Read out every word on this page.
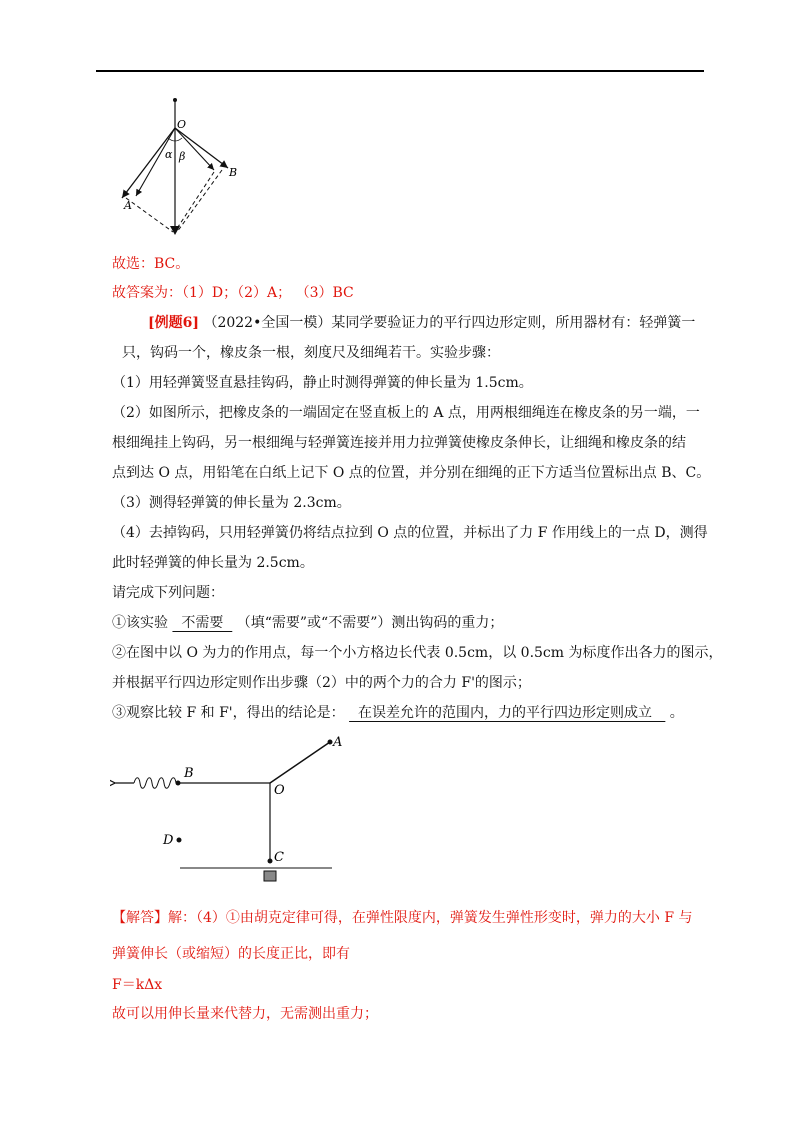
O
α β
A
B
故选：BC。
故答案为：（1）D；（2）A； （3）BC
[例题6] （2022•全国一模）某同学要验证力的平行四边形定则，所用器材有：轻弹簧一
只，钩码一个，橡皮条一根，刻度尺及细绳若干。实验步骤：
（1）用轻弹簧竖直悬挂钩码，静止时测得弹簧的伸长量为 1.5cm。
（2）如图所示，把橡皮条的一端固定在竖直板上的 A 点，用两根细绳连在橡皮条的另一端，一
根细绳挂上钩码，另一根细绳与轻弹簧连接并用力拉弹簧使橡皮条伸长，让细绳和橡皮条的结
点到达 O 点，用铅笔在白纸上记下 O 点的位置，并分别在细绳的正下方适当位置标出点 B、C。
（3）测得轻弹簧的伸长量为 2.3cm。
（4）去掉钩码，只用轻弹簧仍将结点拉到 O 点的位置，并标出了力 F 作用线上的一点 D，测得
此时轻弹簧的伸长量为 2.5cm。
请完成下列问题：
①该实验   不需要   （填“需要”或“不需要”）测出钩码的重力；
②在图中以 O 为力的作用点，每一个小方格边长代表 0.5cm，以 0.5cm 为标度作出各力的图示，
并根据平行四边形定则作出步骤（2）中的两个力的合力 F'的图示；
③观察比较 F 和 F'，得出的结论是：   在误差允许的范围内，力的平行四边形定则成立    。
A
B
O
C
D
【解答】解：（4）①由胡克定律可得，在弹性限度内，弹簧发生弹性形变时，弹力的大小 F 与
弹簧伸长（或缩短）的长度正比，即有
F＝kΔx
故可以用伸长量来代替力，无需测出重力；
